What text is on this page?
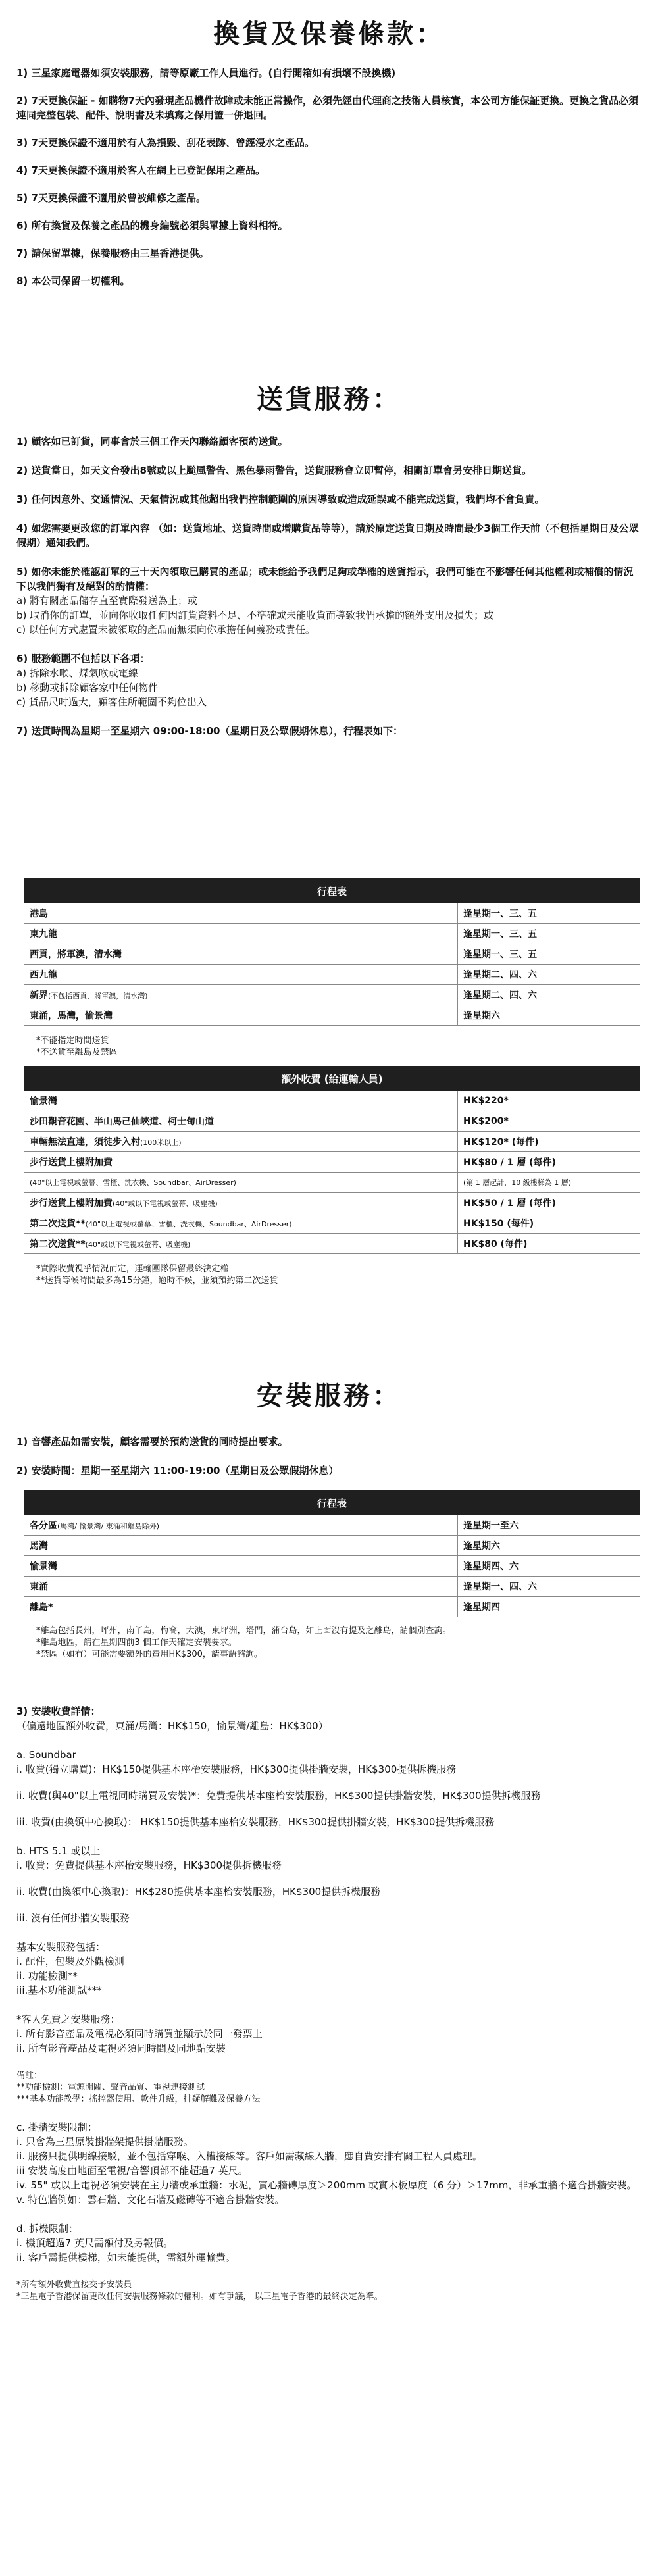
換貨及保養條款：

1) 三星家庭電器如須安裝服務，請等原廠工作人員進行。(自行開箱如有損壞不設換機)

2) 7天更換保証 - 如購物7天內發現產品機件故障或未能正常操作，必須先經由代理商之技術人員核實，本公司方能保証更換。更換之貨品必須連同完整包裝、配件、說明書及未填寫之保用證一併退回。

3) 7天更換保證不適用於有人為損毀、刮花表跡、曾經浸水之產品。

4) 7天更換保證不適用於客人在網上已登記保用之產品。

5) 7天更換保證不適用於曾被維修之產品。

6) 所有換貨及保養之產品的機身編號必須與單據上資料相符。

7) 請保留單據，保養服務由三星香港提供。

8) 本公司保留一切權利。

送貨服務：

1) 顧客如已訂貨，同事會於三個工作天內聯絡顧客預約送貨。

2) 送貨當日，如天文台發出8號或以上颱風警告、黑色暴雨警告，送貨服務會立即暫停，相關訂單會另安排日期送貨。

3) 任何因意外、交通情況、天氣情況或其他超出我們控制範圍的原因導致或造成延誤或不能完成送貨，我們均不會負責。

4) 如您需要更改您的訂單內容 （如：送貨地址、送貨時間或增購貨品等等），請於原定送貨日期及時間最少3個工作天前（不包括星期日及公眾假期）通知我們。

5) 如你未能於確認訂單的三十天內領取已購買的產品；或未能給予我們足夠或準確的送貨指示，我們可能在不影響任何其他權利或補償的情況下以我們獨有及絕對的酌情權：

a) 將有關產品儲存直至實際發送為止；或

b) 取消你的訂單，並向你收取任何因訂貨資料不足、不準確或未能收貨而導致我們承擔的額外支出及損失；或

c) 以任何方式處置未被領取的產品而無須向你承擔任何義務或責任。

6) 服務範圍不包括以下各項：

a) 拆除水喉、煤氣喉或電線

b) 移動或拆除顧客家中任何物件

c) 貨品尺吋過大，顧客住所範圍不夠位出入

7) 送貨時間為星期一至星期六 09:00-18:00（星期日及公眾假期休息），行程表如下：

行程表	
港島	逢星期一、三、五
東九龍	逢星期一、三、五
西貢，將軍澳，清水灣	逢星期一、三、五
西九龍	逢星期二、四、六
新界(不包括西貢，將軍澳，清水灣)	逢星期二、四、六
東涌，馬灣，愉景灣	逢星期六

*不能指定時間送貨

*不送貨至離島及禁區

額外收費 (給運輸人員)	
愉景灣	HK$220*
沙田觀音花園、半山馬己仙峽道、柯士甸山道	HK$200*
車輛無法直達，須徒步入村(100米以上)	HK$120* (每件)
步行送貨上樓附加費	HK$80 / 1 層 (每件)
(40"以上電視或螢幕、雪櫃、洗衣機、Soundbar、AirDresser)	(第 1 層起計，10 級樓梯為 1 層)
步行送貨上樓附加費(40"或以下電視或螢幕、吸塵機)	HK$50 / 1 層 (每件)
第二次送貨**(40"以上電視或螢幕、雪櫃、洗衣機、Soundbar、AirDresser)	HK$150 (每件)
第二次送貨**(40"或以下電視或螢幕、吸塵機)	HK$80 (每件)

*實際收費視乎情況而定，運輸團隊保留最終決定權

**送貨等候時間最多為15分鐘，逾時不候，並須預約第二次送貨

安裝服務：

1) 音響產品如需安裝，顧客需要於預約送貨的同時提出要求。

2) 安裝時間：星期一至星期六 11:00-19:00（星期日及公眾假期休息）

行程表	
各分區(馬灣/ 愉景灣/ 東涌和離島除外)	逢星期一至六
馬灣	逢星期六
愉景灣	逢星期四、六
東涌	逢星期一、四、六
離島*	逢星期四

*離島包括長州，坪州，南丫島，梅窩，大澳，東坪洲，塔門，蒲台島，如上面沒有提及之離島，請個別查詢。

*離島地區，請在星期四前3 個工作天確定安裝要求。

*禁區（如有）可能需要額外的費用HK$300，請事語諮詢。

3) 安裝收費詳情：

（偏遠地區額外收費，東涌/馬灣：HK$150，愉景灣/離島：HK$300）

a. Soundbar

i. 收費(獨立購買)：HK$150提供基本座枱安裝服務，HK$300提供掛牆安裝，HK$300提供拆機服務

ii. 收費(與40"以上電視同時購買及安裝)*：免費提供基本座枱安裝服務，HK$300提供掛牆安裝，HK$300提供拆機服務

iii. 收費(由換領中心換取)： HK$150提供基本座枱安裝服務，HK$300提供掛牆安裝，HK$300提供拆機服務

b. HTS 5.1 或以上

i. 收費：免費提供基本座枱安裝服務，HK$300提供拆機服務

ii. 收費(由換領中心換取)：HK$280提供基本座枱安裝服務，HK$300提供拆機服務

iii. 沒有任何掛牆安裝服務

基本安裝服務包括：

i. 配件，包裝及外觀檢測

ii. 功能檢測**

iii.基本功能測試***

*客人免費之安裝服務：

i. 所有影音產品及電視必須同時購買並顯示於同一發票上

ii. 所有影音產品及電視必須同時間及同地點安裝

備註：

**功能檢測：電源開關、聲音品質、電視連接測試

***基本功能教學：搖控器使用、軟件升級，排疑解難及保養方法

c. 掛牆安裝限制：

i. 只會為三星原裝掛牆架提供掛牆服務。

ii. 服務只提供明線接駁，並不包括穿喉、入槽接線等。客戶如需藏線入牆，應自費安排有關工程人員處理。

iii 安裝高度由地面至電視/音響頂部不能超過7 英尺。

iv. 55" 或以上電視必須安裝在主力牆或承重牆：水泥，實心牆磚厚度＞200mm 或實木板厚度（6 分）＞17mm，非承重牆不適合掛牆安裝。

v. 特色牆例如：雲石牆、文化石牆及磁磚等不適合掛牆安裝。

d. 拆機限制：

i. 機頂超過7 英尺需額付及另報價。

ii. 客戶需提供樓梯，如未能提供，需額外運輸費。

*所有額外收費直接交予安裝員

*三星電子香港保留更改任何安裝服務條款的權利。如有爭議， 以三星電子香港的最終決定為準。
